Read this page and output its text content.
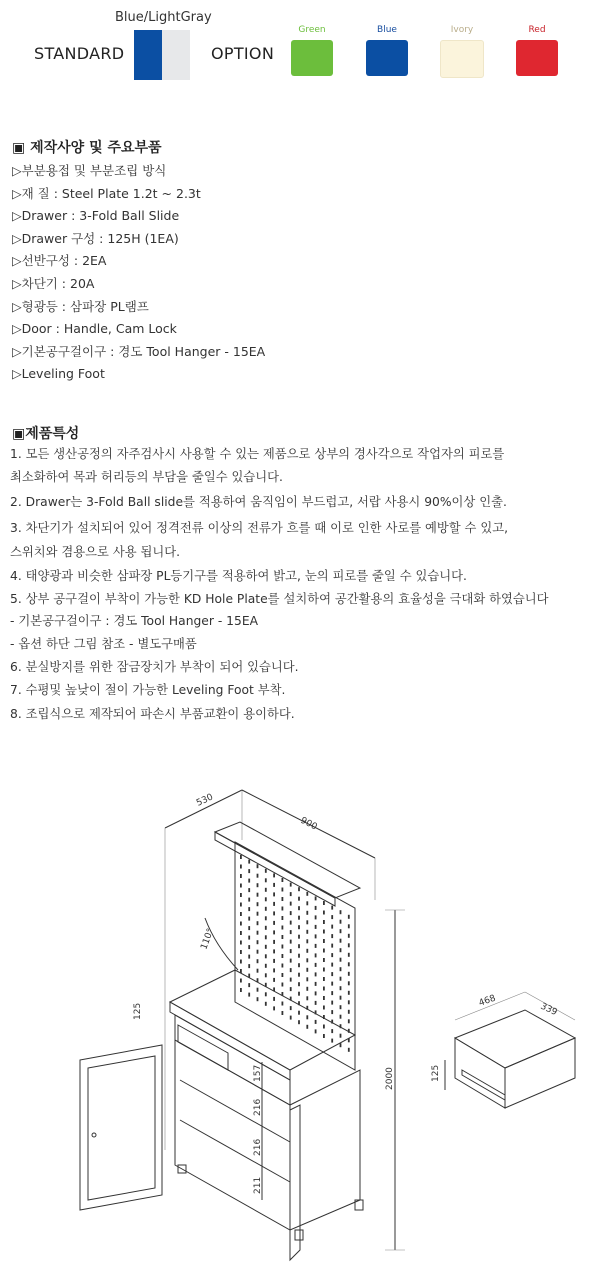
Blue/LightGray
STANDARD	OPTION
Green	Blue	Ivory	Red
▣ 제작사양 및 주요부품
▷부분용접 및 부분조립 방식
▷재 질 : Steel Plate 1.2t ~ 2.3t
▷Drawer : 3-Fold Ball Slide
▷Drawer 구성 : 125H (1EA)
▷선반구성 : 2EA
▷차단기 : 20A
▷형광등 : 삼파장 PL램프
▷Door : Handle, Cam Lock
▷기본공구걸이구 : 경도 Tool Hanger - 15EA
▷Leveling Foot
▣제품특성
1. 모든 생산공정의 자주검사시 사용할 수 있는 제품으로 상부의 경사각으로 작업자의 피로를
최소화하여 목과 허리등의 부담을 줄일수 있습니다.
2. Drawer는 3-Fold Ball slide를 적용하여 움직임이 부드럽고, 서랍 사용시 90%이상 인출.
3. 차단기가 설치되어 있어 정격전류 이상의 전류가 흐를 때 이로 인한 사로를 예방할 수 있고,
스위치와 겸용으로 사용 됩니다.
4. 태양광과 비슷한 삼파장 PL등기구를 적용하여 밝고, 눈의 피로를 줄일 수 있습니다.
5. 상부 공구걸이 부착이 가능한 KD Hole Plate를 설치하여 공간활용의 효율성을 극대화 하였습니다
- 기본공구걸이구 : 경도 Tool Hanger - 15EA
- 옵션 하단 그림 참조 - 별도구매품
6. 분실방지를 위한 잠금장치가 부착이 되어 있습니다.
7. 수평및 높낮이 절이 가능한 Leveling Foot 부착.
8. 조립식으로 제작되어 파손시 부품교환이 용이하다.
530
900
110°
125
157
216
216
211
2000
468
339
125
